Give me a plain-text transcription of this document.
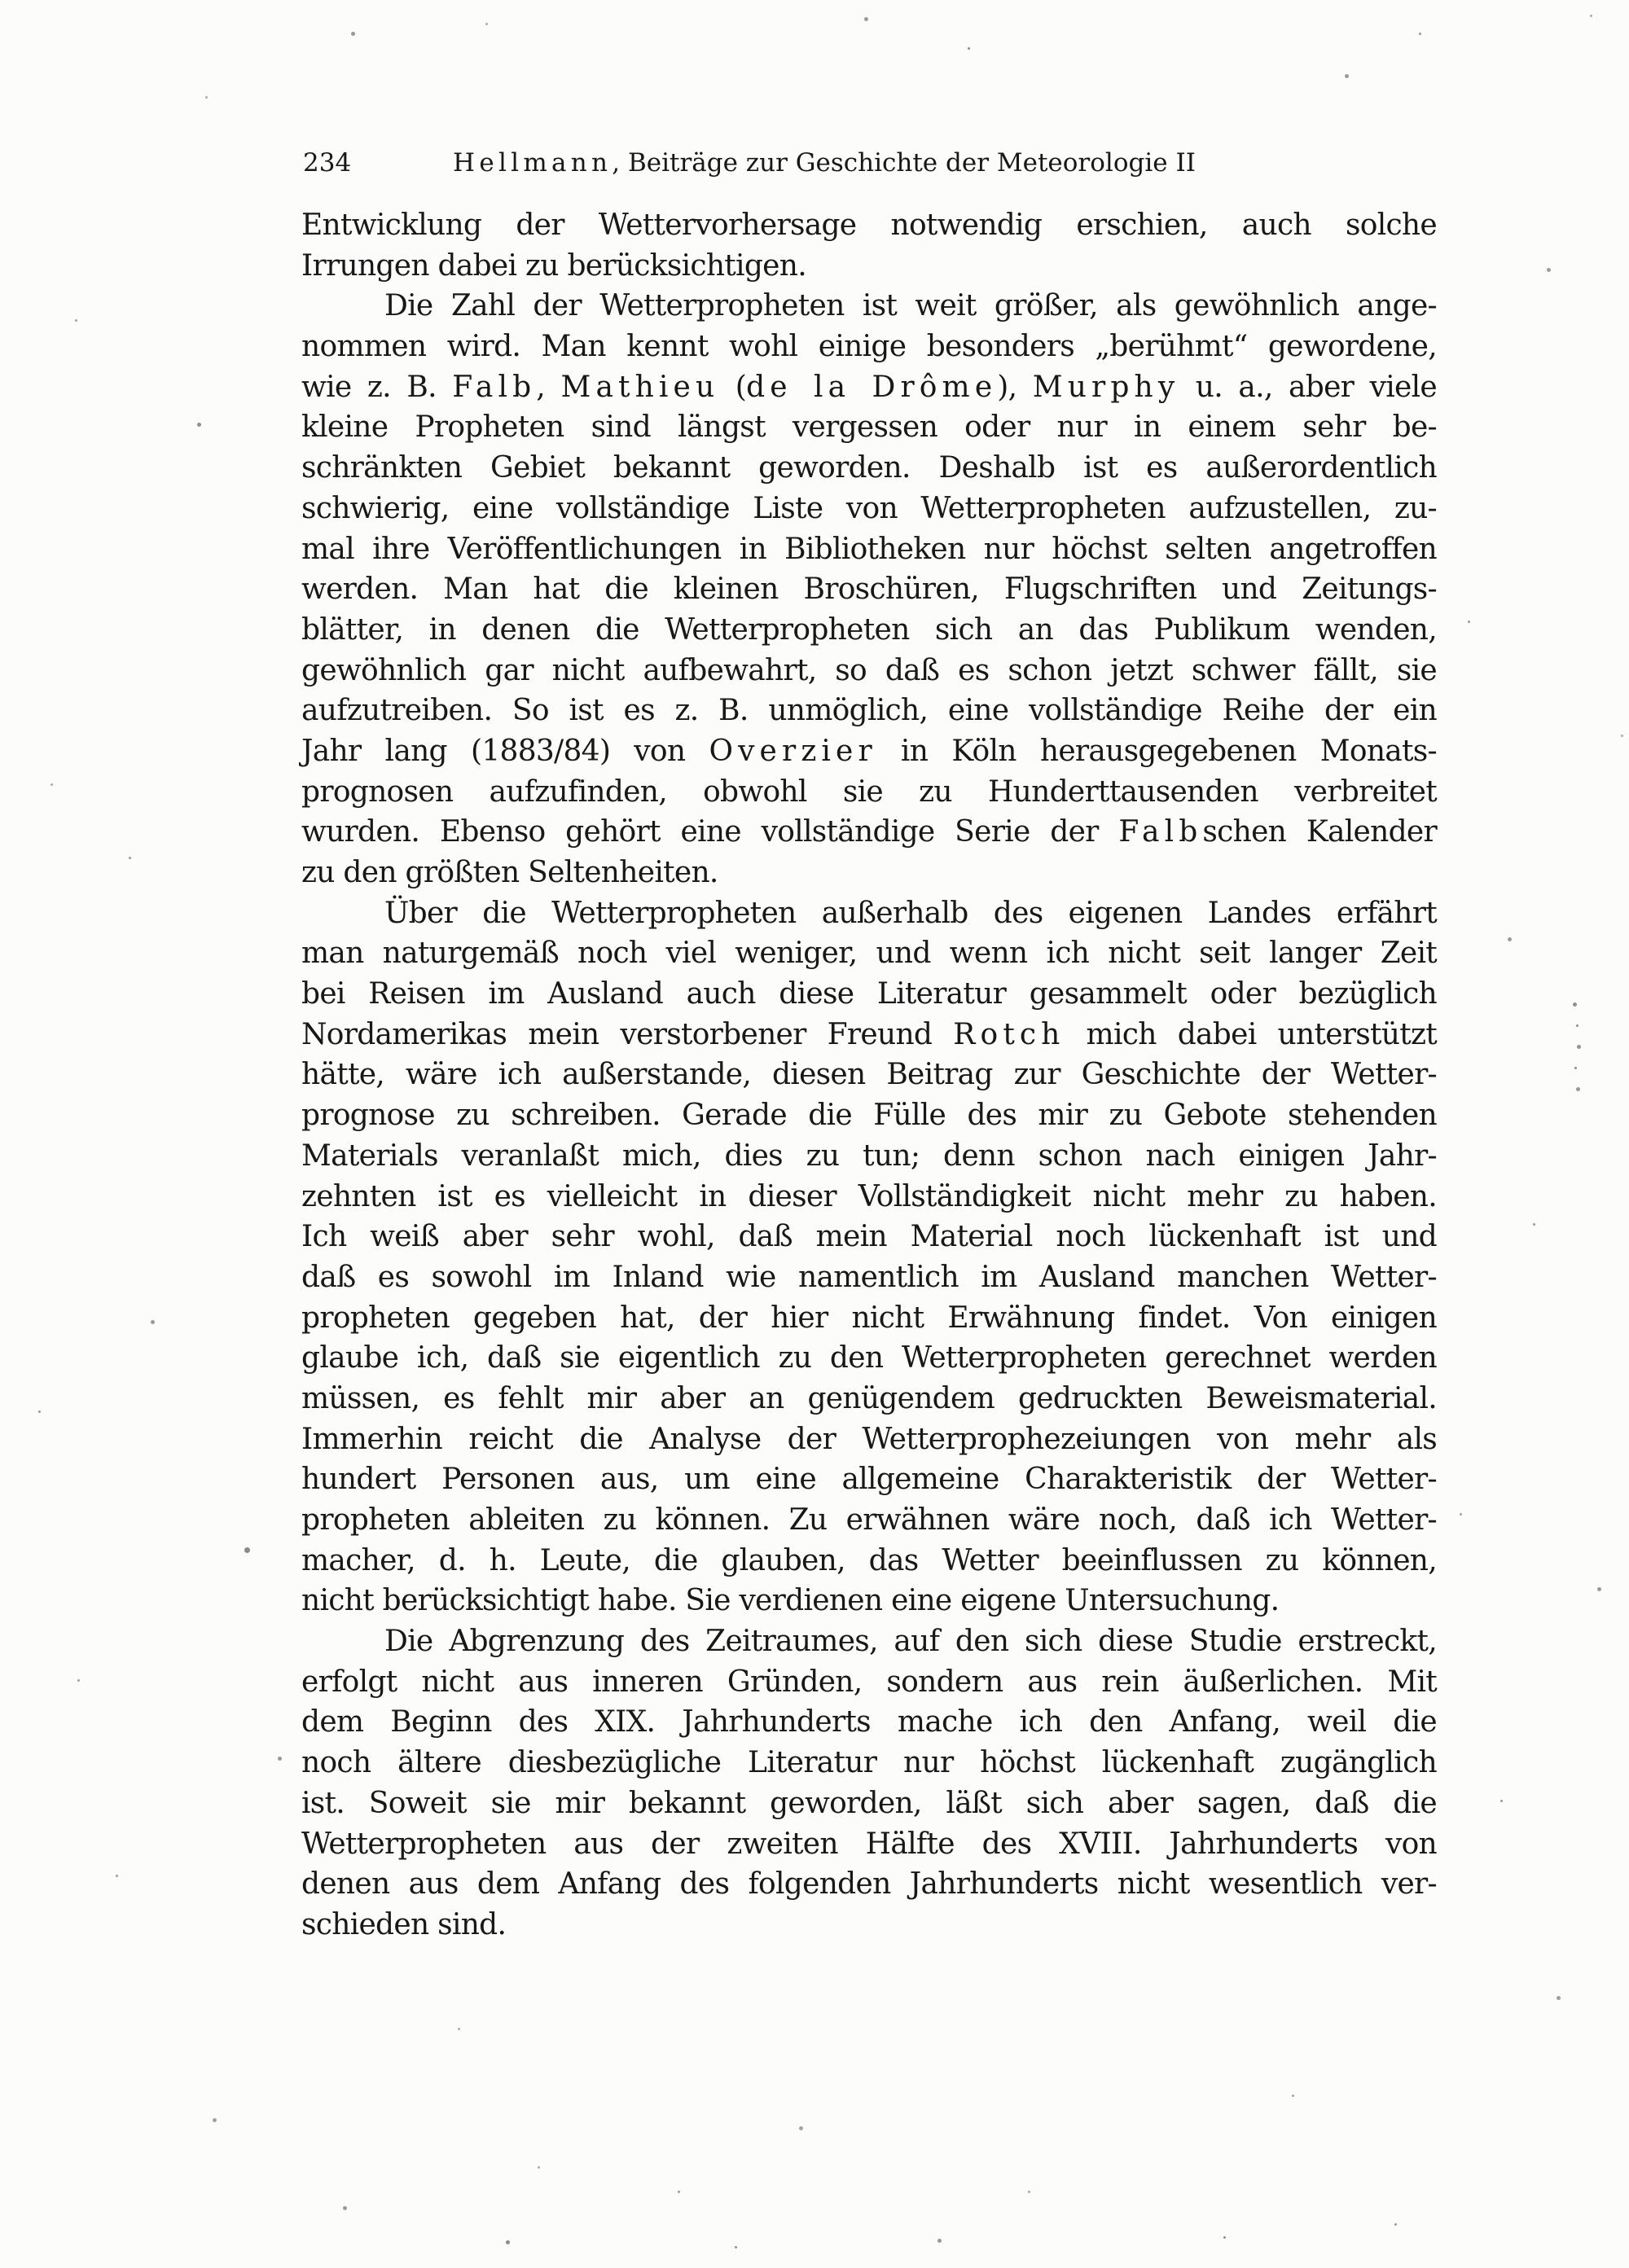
234	Hellmann, Beiträge zur Geschichte der Meteorologie II
Entwicklung der Wettervorhersage notwendig erschien, auch solche
Irrungen dabei zu berücksichtigen.
Die Zahl der Wetterpropheten ist weit größer, als gewöhnlich ange-
nommen wird. Man kennt wohl einige besonders „berühmt“ gewordene,
wie z. B. Falb, Mathieu (de la Drôme), Murphy u. a., aber viele
kleine Propheten sind längst vergessen oder nur in einem sehr be-
schränkten Gebiet bekannt geworden. Deshalb ist es außerordentlich
schwierig, eine vollständige Liste von Wetterpropheten aufzustellen, zu-
mal ihre Veröffentlichungen in Bibliotheken nur höchst selten angetroffen
werden. Man hat die kleinen Broschüren, Flugschriften und Zeitungs-
blätter, in denen die Wetterpropheten sich an das Publikum wenden,
gewöhnlich gar nicht aufbewahrt, so daß es schon jetzt schwer fällt, sie
aufzutreiben. So ist es z. B. unmöglich, eine vollständige Reihe der ein
Jahr lang (1883/84) von Overzier in Köln herausgegebenen Monats-
prognosen aufzufinden, obwohl sie zu Hunderttausenden verbreitet
wurden. Ebenso gehört eine vollständige Serie der Falbschen Kalender
zu den größten Seltenheiten.
Über die Wetterpropheten außerhalb des eigenen Landes erfährt
man naturgemäß noch viel weniger, und wenn ich nicht seit langer Zeit
bei Reisen im Ausland auch diese Literatur gesammelt oder bezüglich
Nordamerikas mein verstorbener Freund Rotch mich dabei unterstützt
hätte, wäre ich außerstande, diesen Beitrag zur Geschichte der Wetter-
prognose zu schreiben. Gerade die Fülle des mir zu Gebote stehenden
Materials veranlaßt mich, dies zu tun; denn schon nach einigen Jahr-
zehnten ist es vielleicht in dieser Vollständigkeit nicht mehr zu haben.
Ich weiß aber sehr wohl, daß mein Material noch lückenhaft ist und
daß es sowohl im Inland wie namentlich im Ausland manchen Wetter-
propheten gegeben hat, der hier nicht Erwähnung findet. Von einigen
glaube ich, daß sie eigentlich zu den Wetterpropheten gerechnet werden
müssen, es fehlt mir aber an genügendem gedruckten Beweismaterial.
Immerhin reicht die Analyse der Wetterprophezeiungen von mehr als
hundert Personen aus, um eine allgemeine Charakteristik der Wetter-
propheten ableiten zu können. Zu erwähnen wäre noch, daß ich Wetter-
macher, d. h. Leute, die glauben, das Wetter beeinflussen zu können,
nicht berücksichtigt habe. Sie verdienen eine eigene Untersuchung.
Die Abgrenzung des Zeitraumes, auf den sich diese Studie erstreckt,
erfolgt nicht aus inneren Gründen, sondern aus rein äußerlichen. Mit
dem Beginn des XIX. Jahrhunderts mache ich den Anfang, weil die
noch ältere diesbezügliche Literatur nur höchst lückenhaft zugänglich
ist. Soweit sie mir bekannt geworden, läßt sich aber sagen, daß die
Wetterpropheten aus der zweiten Hälfte des XVIII. Jahrhunderts von
denen aus dem Anfang des folgenden Jahrhunderts nicht wesentlich ver-
schieden sind.
